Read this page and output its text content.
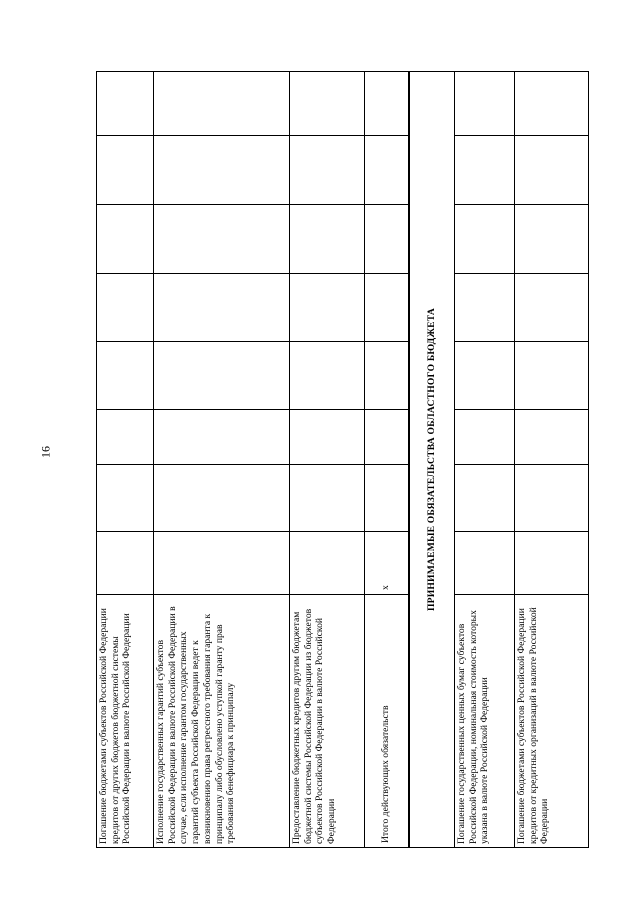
16
Погашение бюджетами субъектов Российской Федерации кредитов от других бюджетов бюджетной системы Российской Федерации в валюте Российской Федерации								
Исполнение государственных гарантий субъектов Российской Федерации в валюте Российской Федерации в случае, если исполнение гарантом государственных гарантий субъекта Российской Федерации ведет к возникновению права регрессного требования гаранта к принципалу либо обусловлено уступкой гаранту прав требования бенефициара к принципалу								
Предоставление бюджетных кредитов другим бюджетам бюджетной системы Российской Федерации из бюджетов субъектов Российской Федерации в валюте Российской Федерации								
Итого действующих обязательств	х							
ПРИНИМАЕМЫЕ ОБЯЗАТЕЛЬСТВА ОБЛАСТНОГО БЮДЖЕТА								
Погашение государственных ценных бумаг субъектов Российской Федерации, номинальная стоимость которых указана в валюте Российской Федерации								
Погашение бюджетами субъектов Российской Федерации кредитов от кредитных организаций в валюте Российской Федерации								
